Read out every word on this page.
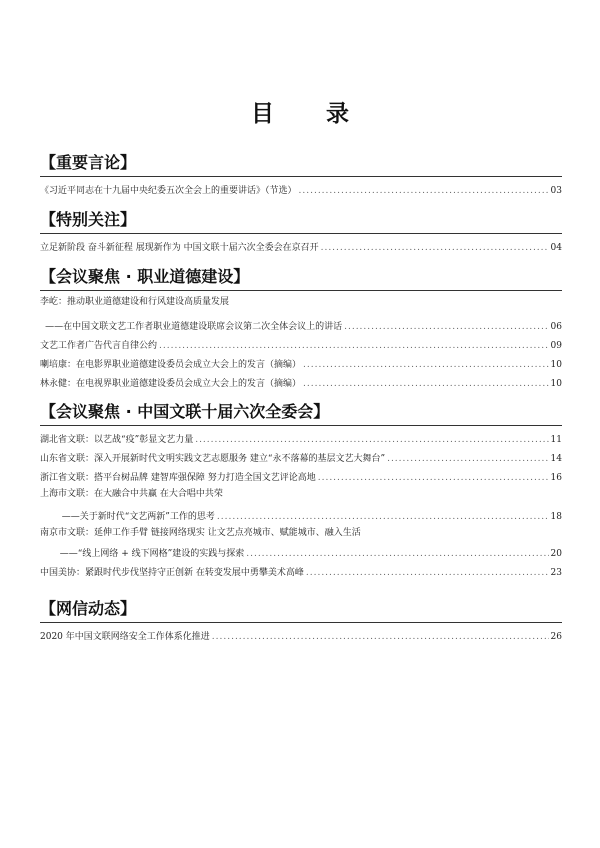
目 录
【重要言论】
《习近平同志在十九届中央纪委五次全会上的重要讲话》（节选） .....	03
【特别关注】
立足新阶段 奋斗新征程 展现新作为 中国文联十届六次全委会在京召开 .....	04
【会议聚焦 · 职业道德建设】
李屹：推动职业道德建设和行风建设高质量发展
——在中国文联文艺工作者职业道德建设联席会议第二次全体会议上的讲话 .....	06
文艺工作者广告代言自律公约 .....	09
喇培康：在电影界职业道德建设委员会成立大会上的发言（摘编） .....	10
林永健：在电视界职业道德建设委员会成立大会上的发言（摘编） .....	10
【会议聚焦 · 中国文联十届六次全委会】
湖北省文联：以艺战“疫”彰显文艺力量 .....	11
山东省文联：深入开展新时代文明实践文艺志愿服务 建立“永不落幕的基层文艺大舞台” .....	14
浙江省文联：搭平台树品牌 建智库强保障 努力打造全国文艺评论高地 .....	16
上海市文联：在大融合中共赢 在大合唱中共荣
——关于新时代“文艺两新”工作的思考 .....	18
南京市文联：延伸工作手臂 链接网络现实 让文艺点亮城市、赋能城市、融入生活
——“线上网络 + 线下网格”建设的实践与探索 .....	20
中国美协：紧跟时代步伐坚持守正创新 在转变发展中勇攀美术高峰 .....	23
【网信动态】
2020 年中国文联网络安全工作体系化推进 .....	26
